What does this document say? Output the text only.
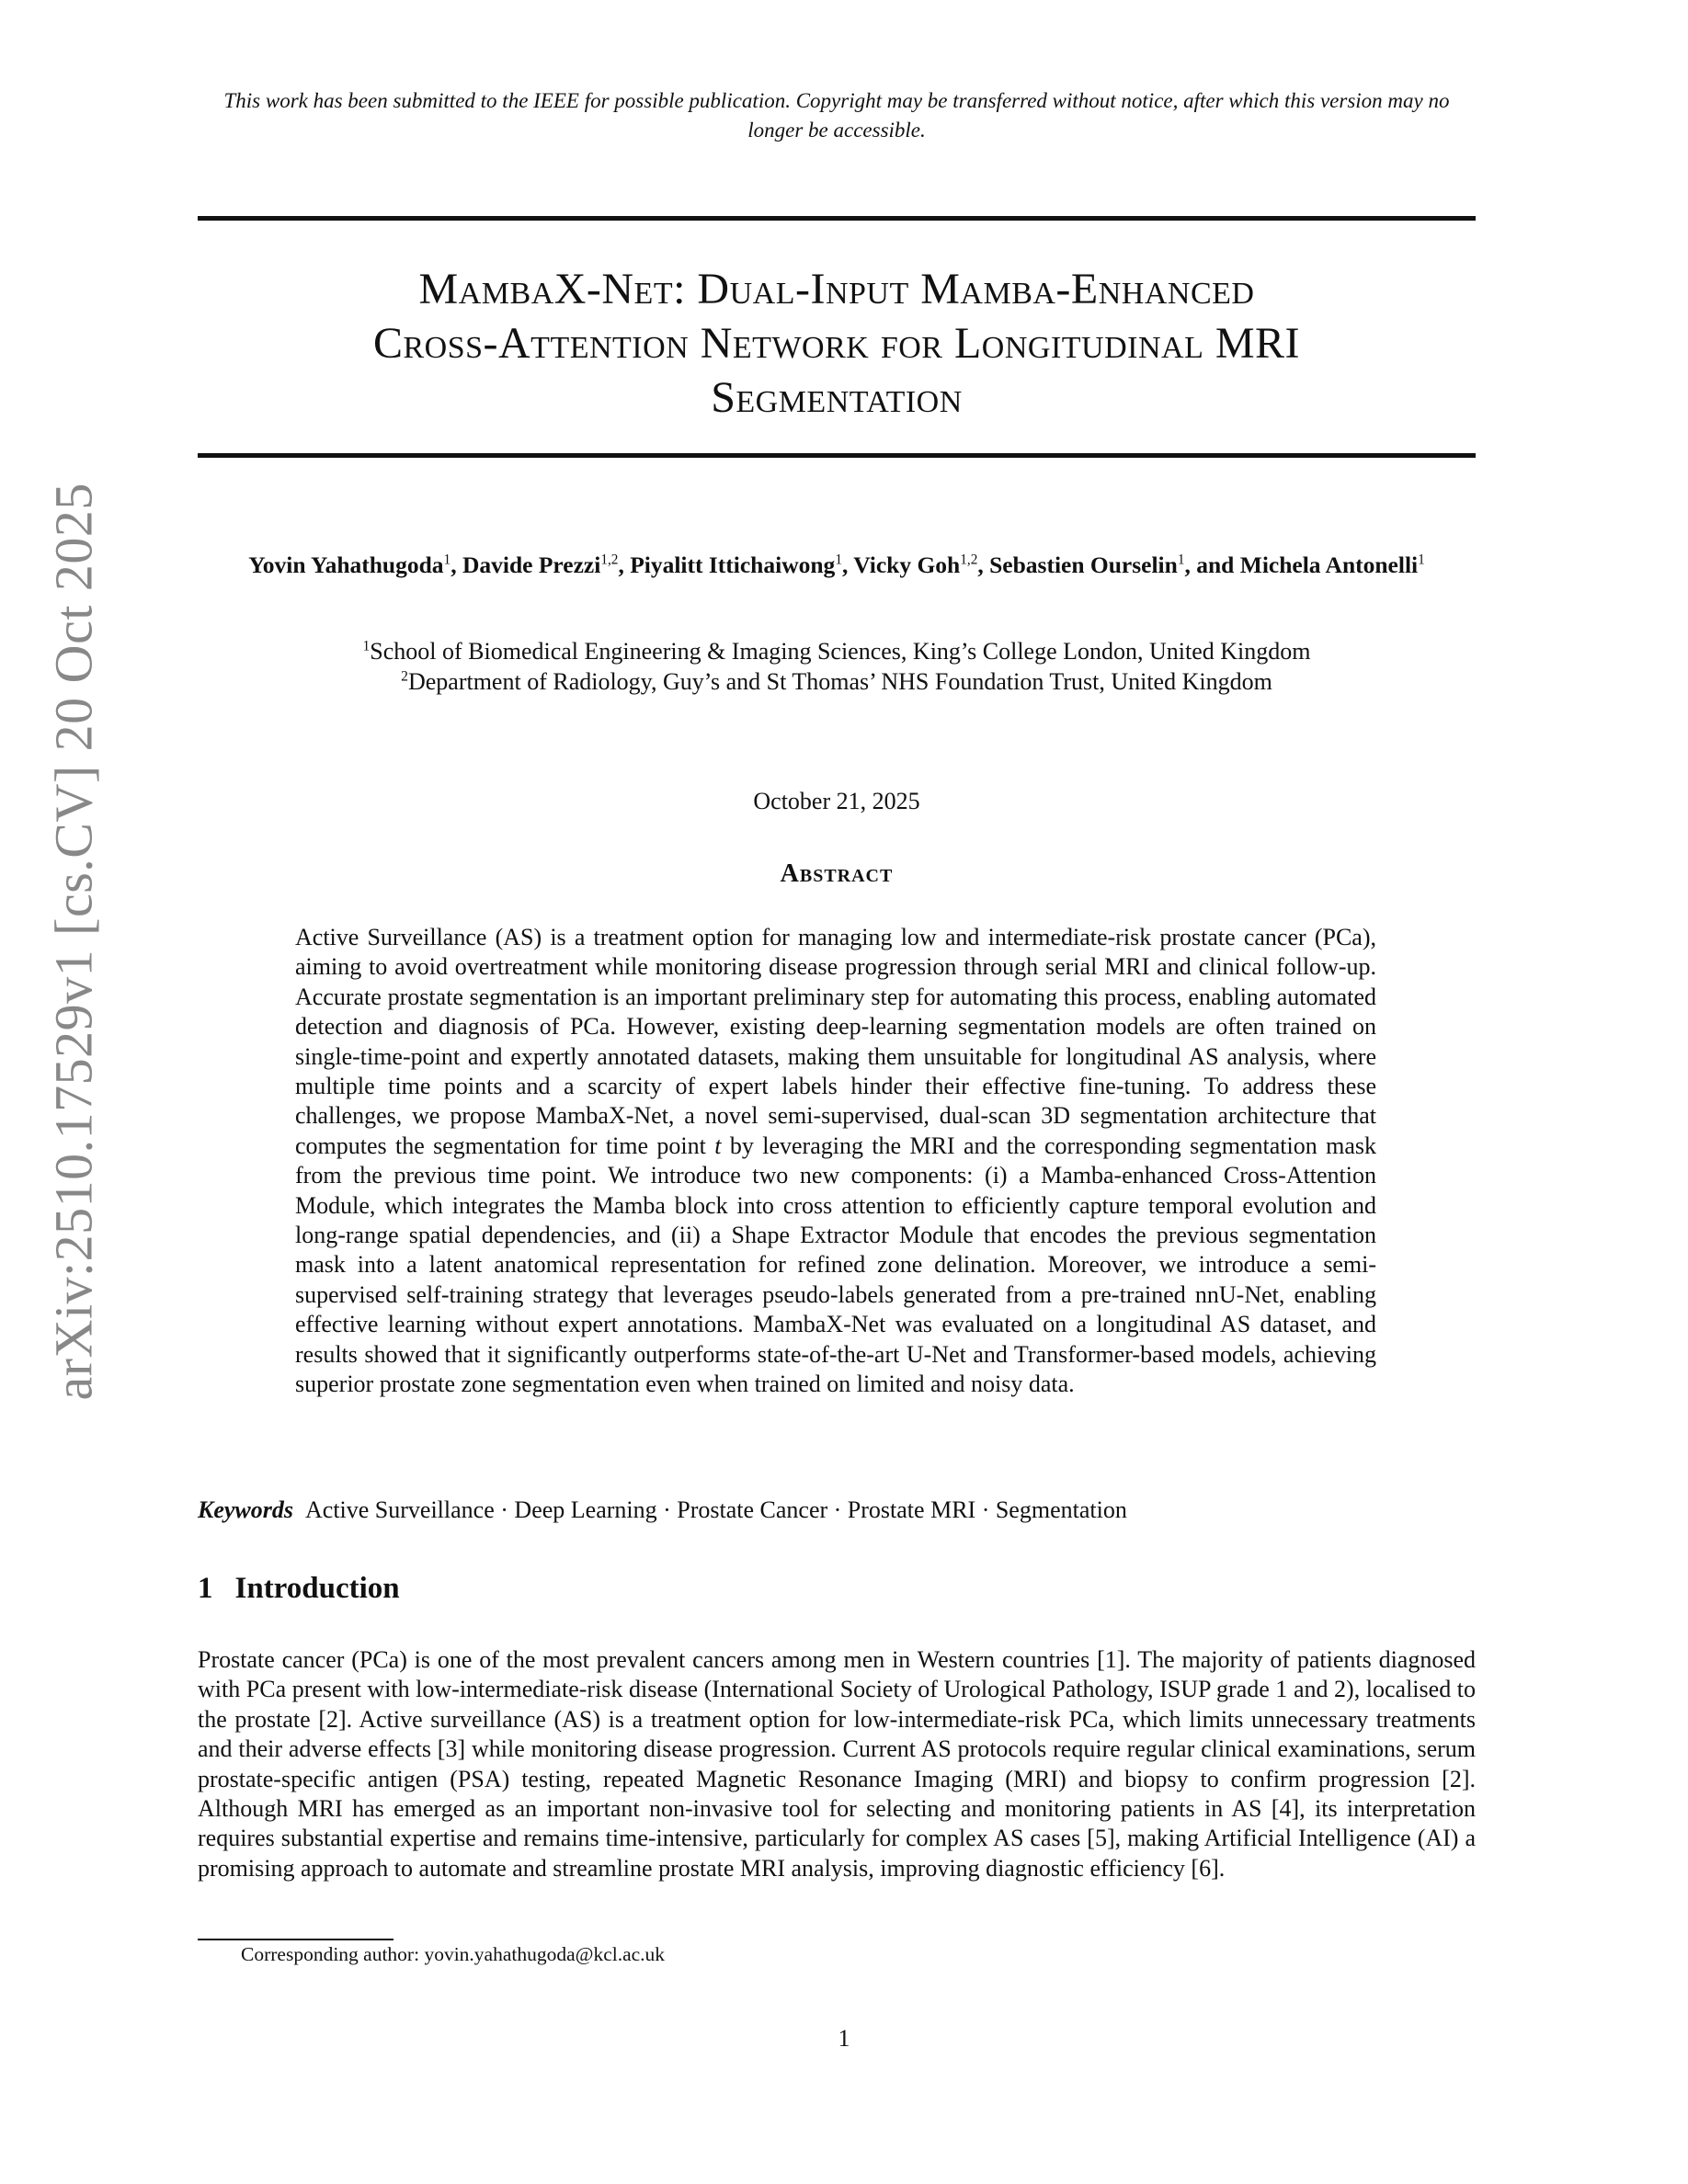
This work has been submitted to the IEEE for possible publication. Copyright may be transferred without notice, after which this version may no longer be accessible.
MambaX-Net: Dual-Input Mamba-Enhanced
Cross-Attention Network for Longitudinal MRI
Segmentation
Yovin Yahathugoda$^1$, Davide Prezzi$^{1,2}$, Piyalitt Ittichaiwong$^1$, Vicky Goh$^{1,2}$, Sebastien Ourselin$^1$, and Michela Antonelli$^1$
$^1$School of Biomedical Engineering & Imaging Sciences, King’s College London, United Kingdom
$^2$Department of Radiology, Guy’s and St Thomas’ NHS Foundation Trust, United Kingdom
October 21, 2025
Abstract
Active Surveillance (AS) is a treatment option for managing low and intermediate-risk prostate cancer (PCa), aiming to avoid overtreatment while monitoring disease progression through serial MRI and clinical follow-up. Accurate prostate segmentation is an important preliminary step for automating this process, enabling automated detection and diagnosis of PCa. However, existing deep-learning segmentation models are often trained on single-time-point and expertly annotated datasets, making them unsuitable for longitudinal AS analysis, where multiple time points and a scarcity of expert labels hinder their effective fine-tuning. To address these challenges, we propose MambaX-Net, a novel semi-supervised, dual-scan 3D segmentation architecture that computes the segmentation for time point t by leveraging the MRI and the corresponding segmentation mask from the previous time point. We introduce two new components: (i) a Mamba-enhanced Cross-Attention Module, which integrates the Mamba block into cross attention to efficiently capture temporal evolution and long-range spatial dependencies, and (ii) a Shape Extractor Module that encodes the previous segmentation mask into a latent anatomical representation for refined zone delination. Moreover, we introduce a semi-supervised self-training strategy that leverages pseudo-labels generated from a pre-trained nnU-Net, enabling effective learning without expert annotations. MambaX-Net was evaluated on a longitudinal AS dataset, and results showed that it significantly outperforms state-of-the-art U-Net and Transformer-based models, achieving superior prostate zone segmentation even when trained on limited and noisy data.
Keywords Active Surveillance · Deep Learning · Prostate Cancer · Prostate MRI · Segmentation
1 Introduction
Prostate cancer (PCa) is one of the most prevalent cancers among men in Western countries [1]. The majority of patients diagnosed with PCa present with low-intermediate-risk disease (International Society of Urological Pathology, ISUP grade 1 and 2), localised to the prostate [2]. Active surveillance (AS) is a treatment option for low-intermediate-risk PCa, which limits unnecessary treatments and their adverse effects [3] while monitoring disease progression. Current AS protocols require regular clinical examinations, serum prostate-specific antigen (PSA) testing, repeated Magnetic Resonance Imaging (MRI) and biopsy to confirm progression [2]. Although MRI has emerged as an important non-invasive tool for selecting and monitoring patients in AS [4], its interpretation requires substantial expertise and remains time-intensive, particularly for complex AS cases [5], making Artificial Intelligence (AI) a promising approach to automate and streamline prostate MRI analysis, improving diagnostic efficiency [6].
Corresponding author: yovin.yahathugoda@kcl.ac.uk
1
arXiv:2510.17529v1 [cs.CV] 20 Oct 2025
